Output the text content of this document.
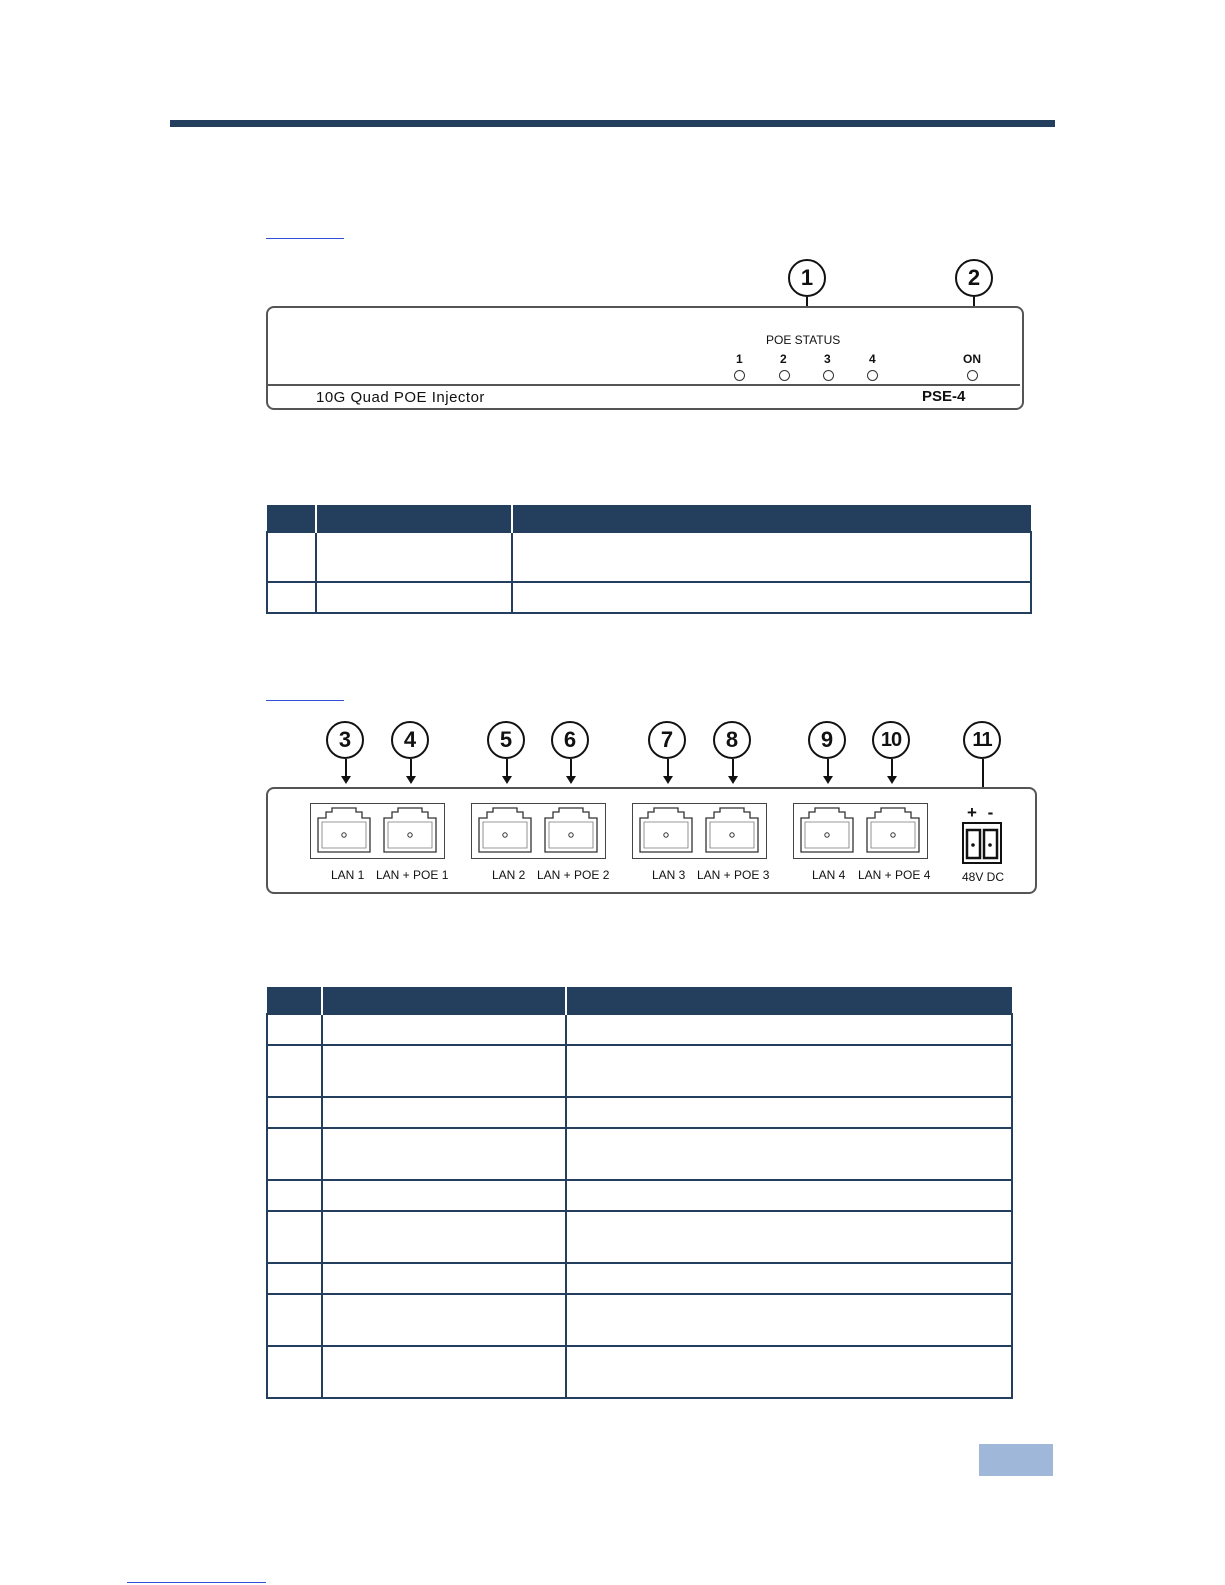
1	2
POE STATUS
1	2	3	4	ON
10G Quad POE Injector	PSE-4

3 4	5 6	7 8	9 10	11
LAN 1 LAN + POE 1	LAN 2 LAN + POE 2	LAN 3 LAN + POE 3	LAN 4 LAN + POE 4
+ -
48V DC
